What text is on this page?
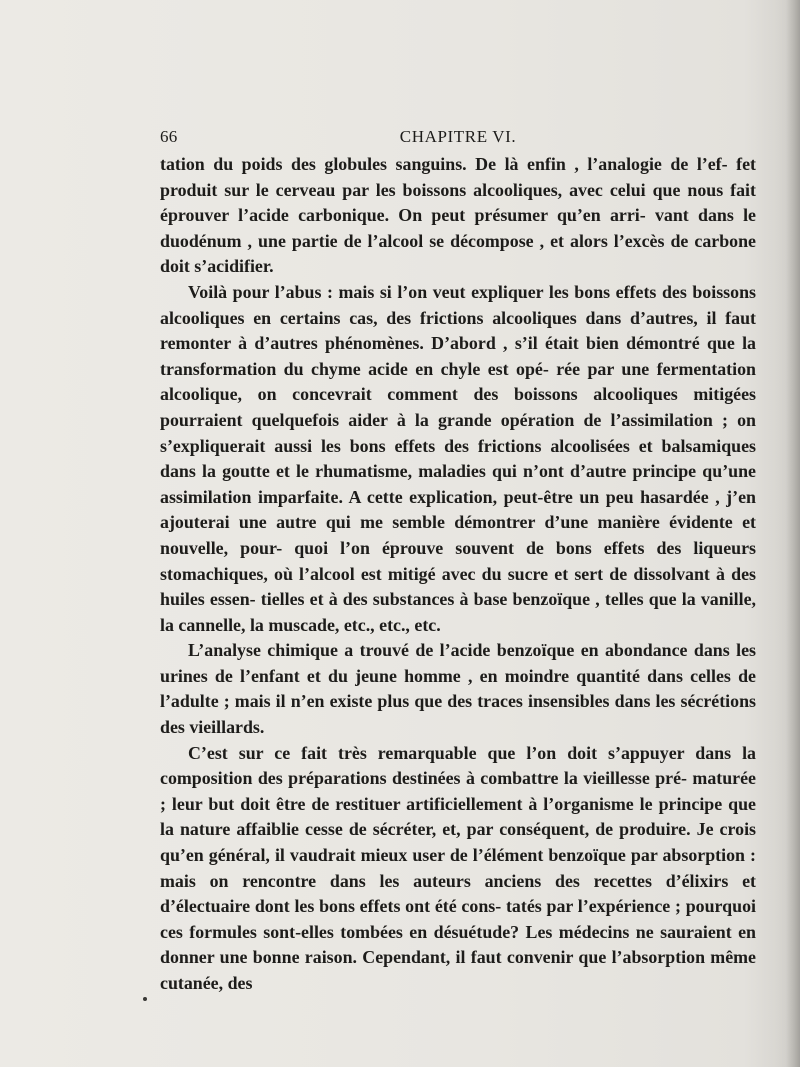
66	CHAPITRE VI.

tation du poids des globules sanguins. De là enfin , l’analogie de l’ef- fet produit sur le cerveau par les boissons alcooliques, avec celui que nous fait éprouver l’acide carbonique. On peut présumer qu’en arri- vant dans le duodénum , une partie de l’alcool se décompose , et alors l’excès de carbone doit s’acidifier.

Voilà pour l’abus : mais si l’on veut expliquer les bons effets des boissons alcooliques en certains cas, des frictions alcooliques dans d’autres, il faut remonter à d’autres phénomènes. D’abord , s’il était bien démontré que la transformation du chyme acide en chyle est opé- rée par une fermentation alcoolique, on concevrait comment des boissons alcooliques mitigées pourraient quelquefois aider à la grande opération de l’assimilation ; on s’expliquerait aussi les bons effets des frictions alcoolisées et balsamiques dans la goutte et le rhumatisme, maladies qui n’ont d’autre principe qu’une assimilation imparfaite. A cette explication, peut-être un peu hasardée , j’en ajouterai une autre qui me semble démontrer d’une manière évidente et nouvelle, pour- quoi l’on éprouve souvent de bons effets des liqueurs stomachiques, où l’alcool est mitigé avec du sucre et sert de dissolvant à des huiles essen- tielles et à des substances à base benzoïque , telles que la vanille, la cannelle, la muscade, etc., etc., etc.

L’analyse chimique a trouvé de l’acide benzoïque en abondance dans les urines de l’enfant et du jeune homme , en moindre quantité dans celles de l’adulte ; mais il n’en existe plus que des traces insensibles dans les sécrétions des vieillards.

C’est sur ce fait très remarquable que l’on doit s’appuyer dans la composition des préparations destinées à combattre la vieillesse pré- maturée ; leur but doit être de restituer artificiellement à l’organisme le principe que la nature affaiblie cesse de sécréter, et, par conséquent, de produire. Je crois qu’en général, il vaudrait mieux user de l’élément benzoïque par absorption : mais on rencontre dans les auteurs anciens des recettes d’élixirs et d’électuaire dont les bons effets ont été cons- tatés par l’expérience ; pourquoi ces formules sont-elles tombées en désuétude? Les médecins ne sauraient en donner une bonne raison. Cependant, il faut convenir que l’absorption même cutanée, des
